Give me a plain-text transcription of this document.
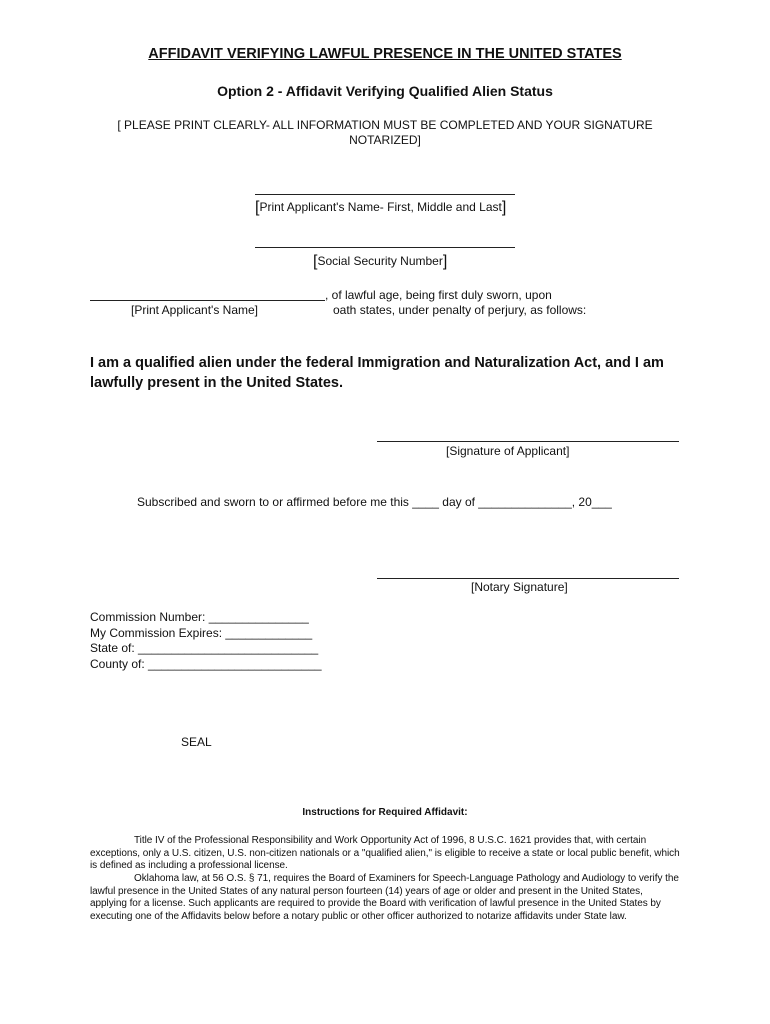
AFFIDAVIT VERIFYING LAWFUL PRESENCE IN THE UNITED STATES
Option 2 - Affidavit Verifying Qualified Alien Status
[ PLEASE PRINT CLEARLY- ALL INFORMATION MUST BE COMPLETED AND YOUR SIGNATURE NOTARIZED]
[Print Applicant's Name- First, Middle and Last]
[Social Security Number]
, of lawful age, being first duly sworn, upon
[Print Applicant's Name]	oath states, under penalty of perjury, as follows:
I am a qualified alien under the federal Immigration and Naturalization Act, and I am lawfully present in the United States.
[Signature of Applicant]
Subscribed and sworn to or affirmed before me this ____ day of ______________, 20___
[Notary Signature]
Commission Number: _______________
My Commission Expires: _____________
State of: ___________________________
County of: __________________________
SEAL
Instructions for Required Affidavit:
Title IV of the Professional Responsibility and Work Opportunity Act of 1996, 8 U.S.C. 1621 provides that, with certain exceptions, only a U.S. citizen, U.S. non-citizen nationals or a "qualified alien," is eligible to receive a state or local public benefit, which is defined as including a professional license.
Oklahoma law, at 56 O.S. § 71, requires the Board of Examiners for Speech-Language Pathology and Audiology to verify the lawful presence in the United States of any natural person fourteen (14) years of age or older and present in the United States, applying for a license. Such applicants are required to provide the Board with verification of lawful presence in the United States by executing one of the Affidavits below before a notary public or other officer authorized to notarize affidavits under State law.
